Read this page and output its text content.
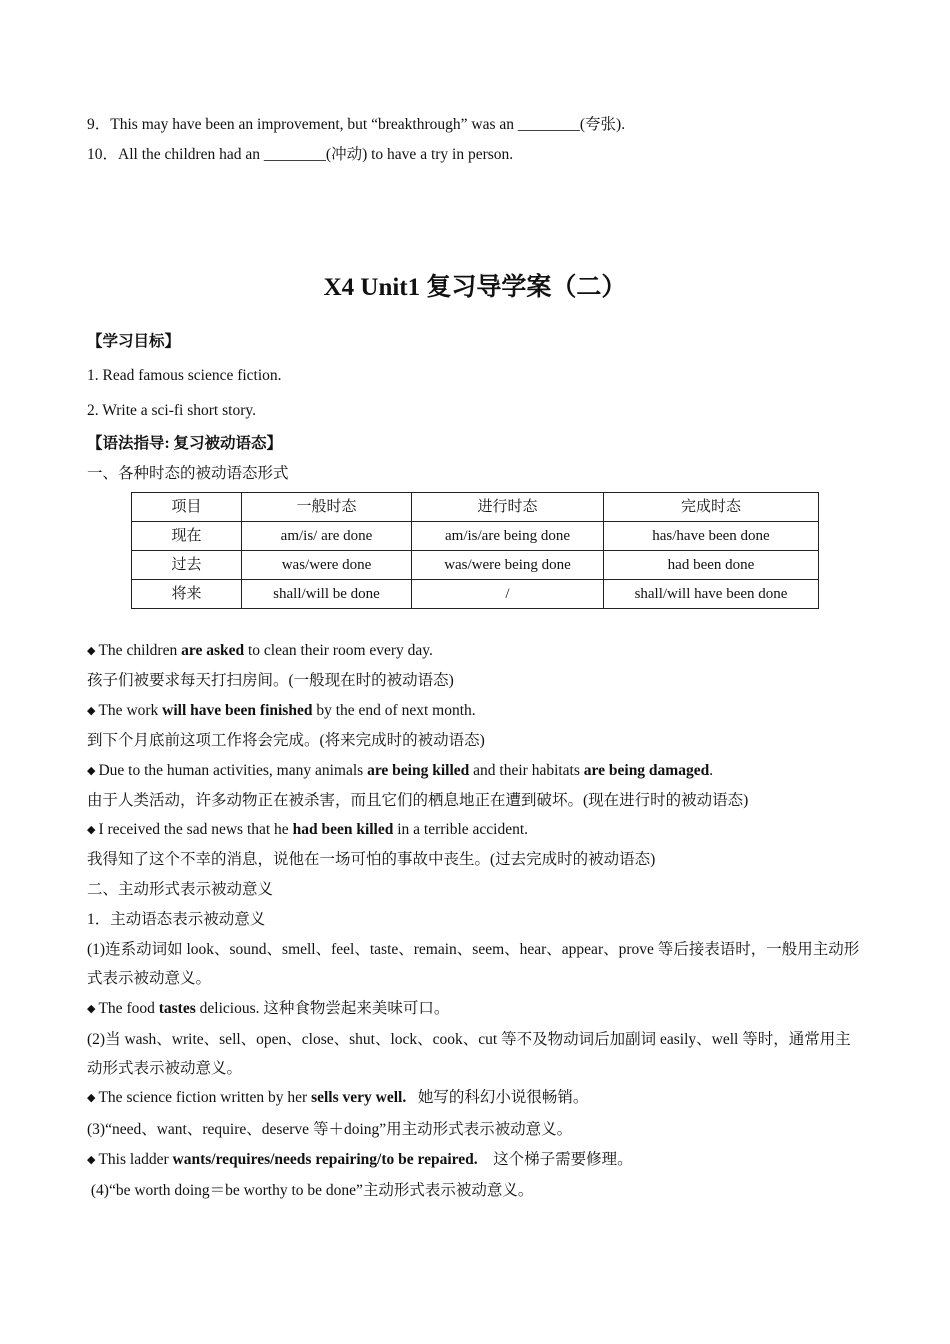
9．This may have been an improvement, but “breakthrough” was an ________(夸张).
10．All the children had an ________(冲动) to have a try in person.
X4 Unit1 复习导学案（二）
【学习目标】
1. Read famous science fiction.
2. Write a sci-fi short story.
【语法指导: 复习被动语态】
一、各种时态的被动语态形式
项目	一般时态	进行时态	完成时态
现在	am/is/ are done	am/is/are being done	has/have been done
过去	was/were done	was/were being done	had been done
将来	shall/will be done	/	shall/will have been done
◆ The children are asked to clean their room every day.
孩子们被要求每天打扫房间。(一般现在时的被动语态)
◆ The work will have been finished by the end of next month.
到下个月底前这项工作将会完成。(将来完成时的被动语态)
◆ Due to the human activities, many animals are being killed and their habitats are being damaged.
由于人类活动，许多动物正在被杀害，而且它们的栖息地正在遭到破坏。(现在进行时的被动语态)
◆ I received the sad news that he had been killed in a terrible accident.
我得知了这个不幸的消息，说他在一场可怕的事故中丧生。(过去完成时的被动语态)
二、主动形式表示被动意义
1．主动语态表示被动意义
(1)连系动词如 look、sound、smell、feel、taste、remain、seem、hear、appear、prove 等后接表语时，一般用主动形式表示被动意义。
◆ The food tastes delicious. 这种食物尝起来美味可口。
(2)当 wash、write、sell、open、close、shut、lock、cook、cut 等不及物动词后加副词 easily、well 等时，通常用主动形式表示被动意义。
◆ The science fiction written by her sells very well.   她写的科幻小说很畅销。
(3)“need、want、require、deserve 等＋doing”用主动形式表示被动意义。
◆ This ladder wants/requires/needs repairing/to be repaired.    这个梯子需要修理。
(4)“be worth doing＝be worthy to be done”主动形式表示被动意义。
